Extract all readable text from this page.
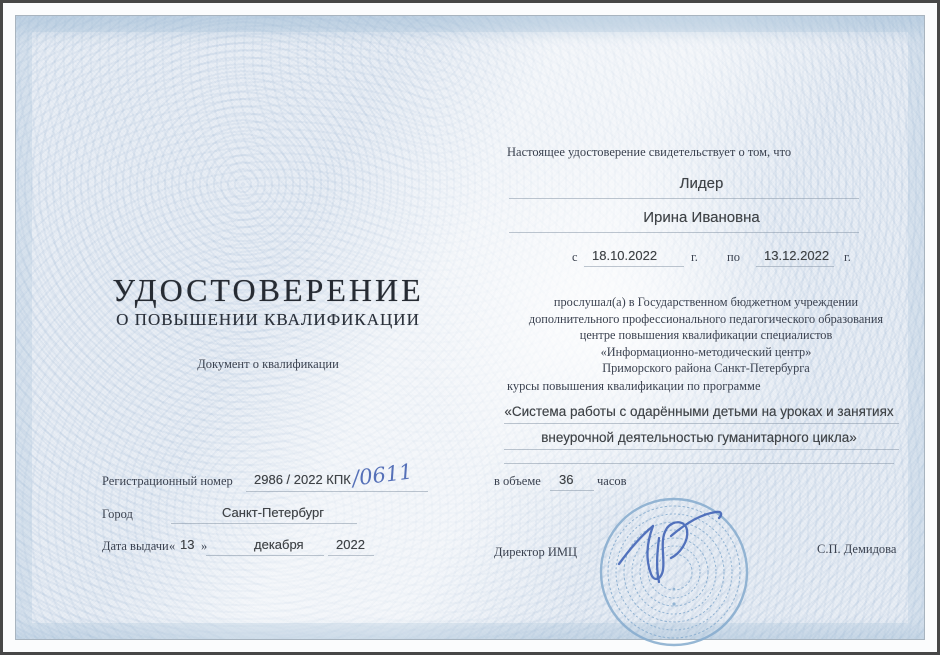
УДОСТОВЕРЕНИЕ
О ПОВЫШЕНИИ КВАЛИФИКАЦИИ
Документ о квалификации
Регистрационный номер 2986 / 2022 КПК /0611
Город	Санкт-Петербург
Дата выдачи « 13 »	декабря 2022
Настоящее удостоверение свидетельствует о том, что
Лидер
Ирина Ивановна
с 18.10.2022	г. по 13.12.2022 г.
прослушал(а) в Государственном бюджетном учреждении
дополнительного профессионального педагогического образования
центре повышения квалификации специалистов
«Информационно-методический центр»
Приморского района Санкт-Петербурга
курсы повышения квалификации по программе
«Система работы с одарёнными детьми на уроках и занятиях
внеурочной деятельностью гуманитарного цикла»
в объеме 36 часов
Директор ИМЦ	С.П. Демидова
